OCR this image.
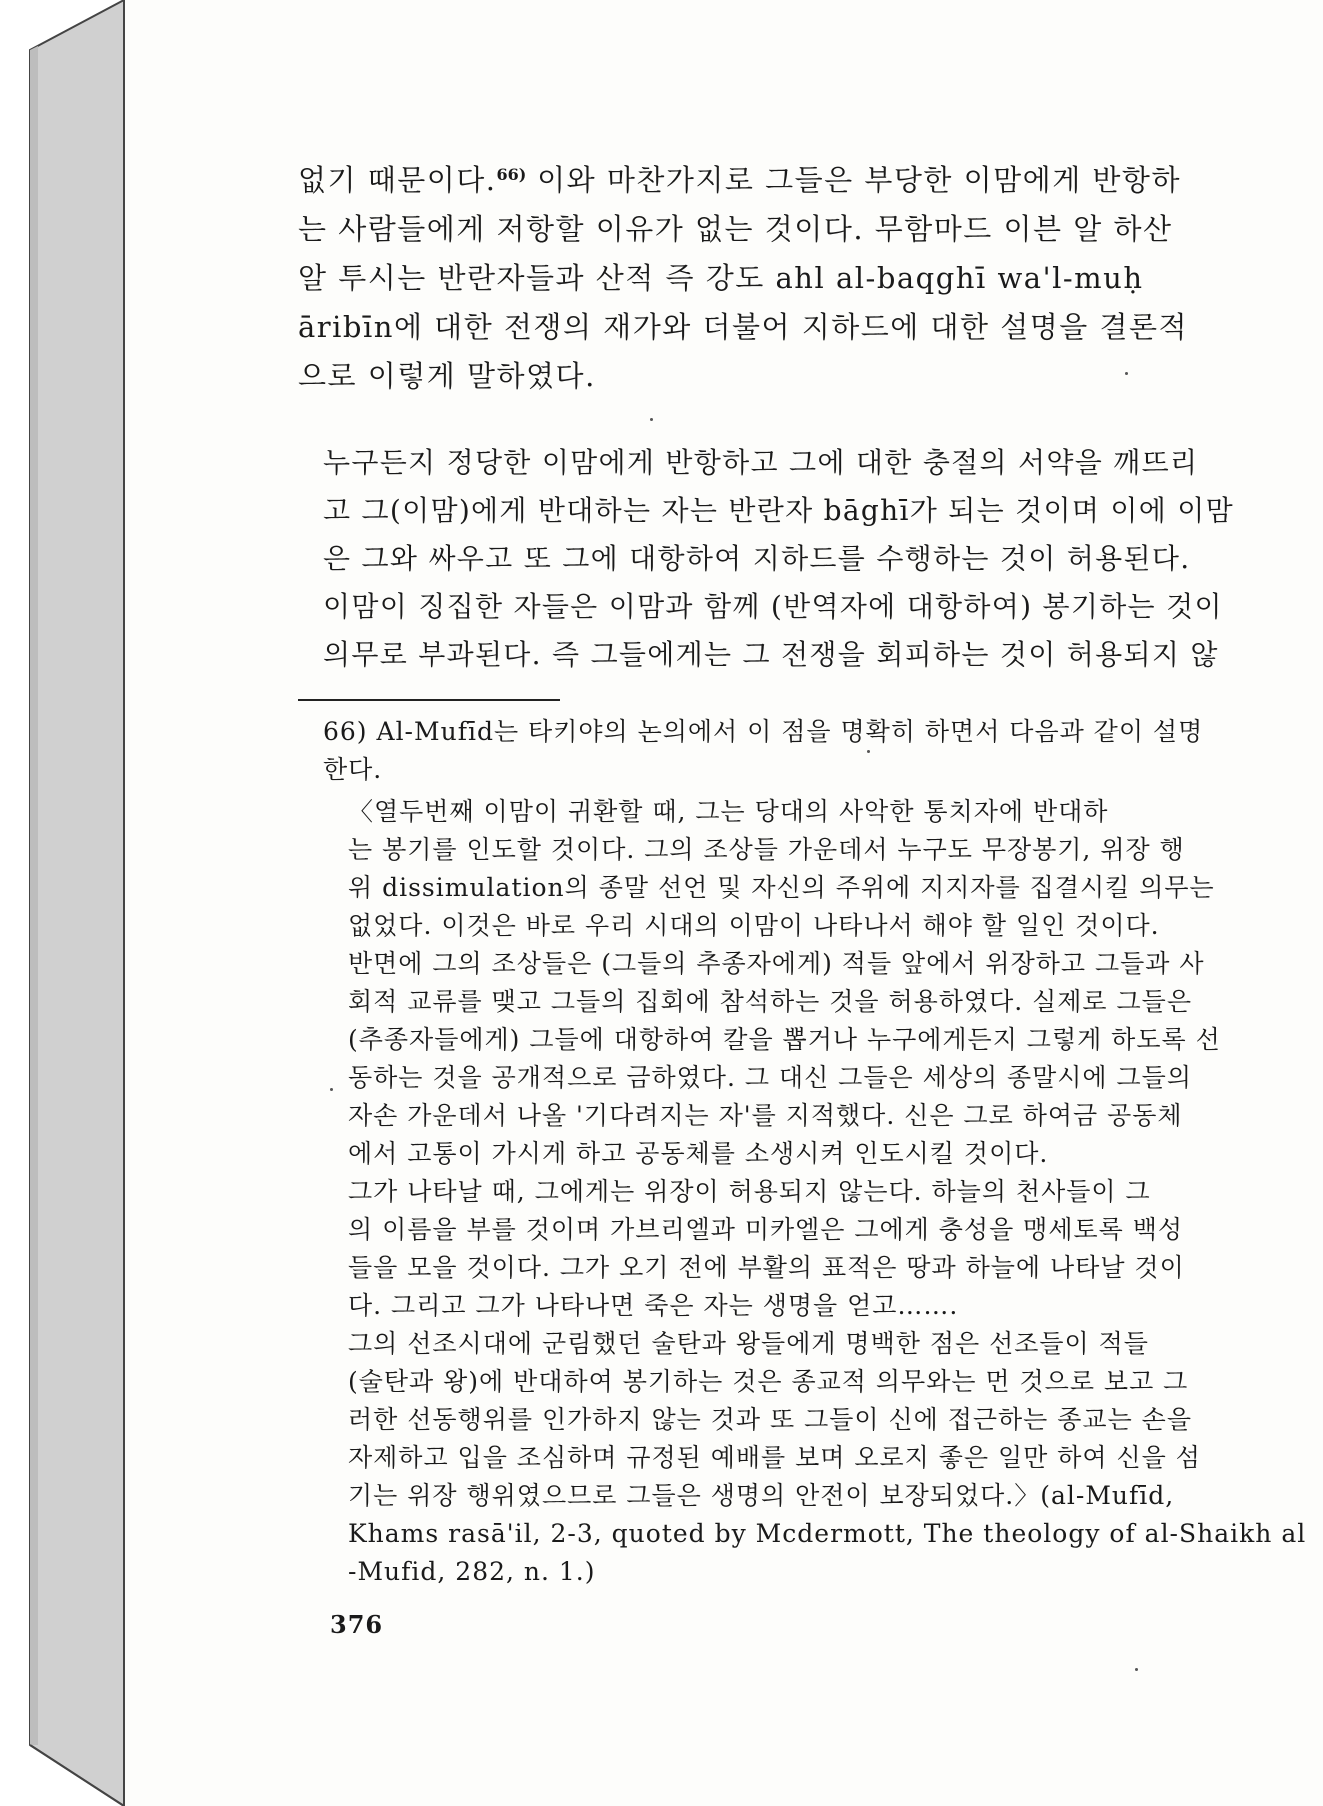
없기 때문이다.$^{66)}$ 이와 마찬가지로 그들은 부당한 이맘에게 반항하
는 사람들에게 저항할 이유가 없는 것이다. 무함마드 이븐 알 하산
알 투시는 반란자들과 산적 즉 강도 ahl al-baqghī wa'l-muḥ
āribīn에 대한 전쟁의 재가와 더불어 지하드에 대한 설명을 결론적
으로 이렇게 말하였다.

누구든지 정당한 이맘에게 반항하고 그에 대한 충절의 서약을 깨뜨리
고 그(이맘)에게 반대하는 자는 반란자 bāghī가 되는 것이며 이에 이맘
은 그와 싸우고 또 그에 대항하여 지하드를 수행하는 것이 허용된다.
이맘이 징집한 자들은 이맘과 함께 (반역자에 대항하여) 봉기하는 것이
의무로 부과된다. 즉 그들에게는 그 전쟁을 회피하는 것이 허용되지 않

66) Al-Mufīd는 타키야의 논의에서 이 점을 명확히 하면서 다음과 같이 설명
한다.
〈열두번째 이맘이 귀환할 때, 그는 당대의 사악한 통치자에 반대하
는 봉기를 인도할 것이다. 그의 조상들 가운데서 누구도 무장봉기, 위장 행
위 dissimulation의 종말 선언 및 자신의 주위에 지지자를 집결시킬 의무는
없었다. 이것은 바로 우리 시대의 이맘이 나타나서 해야 할 일인 것이다.
반면에 그의 조상들은 (그들의 추종자에게) 적들 앞에서 위장하고 그들과 사
회적 교류를 맺고 그들의 집회에 참석하는 것을 허용하였다. 실제로 그들은
(추종자들에게) 그들에 대항하여 칼을 뽑거나 누구에게든지 그렇게 하도록 선
동하는 것을 공개적으로 금하였다. 그 대신 그들은 세상의 종말시에 그들의
자손 가운데서 나올 '기다려지는 자'를 지적했다. 신은 그로 하여금 공동체
에서 고통이 가시게 하고 공동체를 소생시켜 인도시킬 것이다.
그가 나타날 때, 그에게는 위장이 허용되지 않는다. 하늘의 천사들이 그
의 이름을 부를 것이며 가브리엘과 미카엘은 그에게 충성을 맹세토록 백성
들을 모을 것이다. 그가 오기 전에 부활의 표적은 땅과 하늘에 나타날 것이
다. 그리고 그가 나타나면 죽은 자는 생명을 얻고…….
그의 선조시대에 군림했던 술탄과 왕들에게 명백한 점은 선조들이 적들
(술탄과 왕)에 반대하여 봉기하는 것은 종교적 의무와는 먼 것으로 보고 그
러한 선동행위를 인가하지 않는 것과 또 그들이 신에 접근하는 종교는 손을
자제하고 입을 조심하며 규정된 예배를 보며 오로지 좋은 일만 하여 신을 섬
기는 위장 행위였으므로 그들은 생명의 안전이 보장되었다.〉(al-Mufīd,
Khams rasā'il, 2-3, quoted by Mcdermott, The theology of al-Shaikh al
-Mufid, 282, n. 1.)
376
